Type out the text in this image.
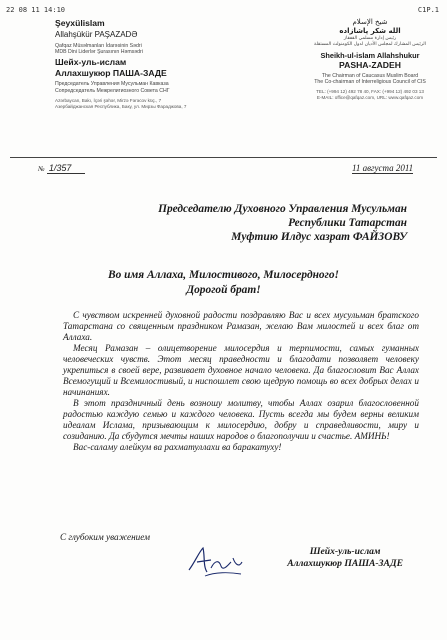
22 08 11 14:10	C1P.1

Şeyxülislam

Allahşükür PAŞAZADƏ

Qafqaz Müsəlmanları İdarəsinin Sədri

MDB Dini Liderlər Şurasının Həmsədri

Шейх-уль-ислам

Аллахшукюр ПАША-ЗАДЕ

Председатель Управления Мусульман Кавказа

Сопредседатель Межрелигиозного Совета СНГ

Azərbaycan, Bakı, İçəri şəhər, Mirzə Fərəcov küç., 7

Азербайджанская Республика, Баку, ул. Мирзы Фараджова, 7

شيخ الإسلام

الله شكر پاشازاده

رئيس إدارة مسلمي القفقاز

الرئيس المشارك لمجلس الأديان لدول الكومنولث المستقلة

Sheikh-ul-islam Allahshukur

PASHA-ZADEH

The Chairman of Caucasus Muslim Board

The Co-chairman of Interreligious Council of CIS

TEL: (+994 12) 492 78 40, FAX: (+994 12) 492 03 13

E-MAIL: office@qafqaz.com, URL: www.qafqaz.com

№ 1/357	11 августа 2011
Председателю Духовного Управления Мусульман
Республики Татарстан
Муфтию Илдус хазрат ФАЙЗОВУ
Во имя Аллаха, Милостивого, Милосердного!
Дорогой брат!

С чувством искренней духовной радости поздравляю Вас и всех мусульман братского Татарстана со священным праздником Рамазан, желаю Вам милостей и всех благ от Аллаха.

Месяц Рамазан – олицетворение милосердия и терпимости, самых гуманных человеческих чувств. Этот месяц праведности и благодати позволяет человеку укрепиться в своей вере, развивает духовное начало человека. Да благословит Вас Аллах Всемогущий и Всемилостивый, и ниспошлет свою щедрую помощь во всех добрых делах и начинаниях.

В этот праздничный день возношу молитву, чтобы Аллах озарил благословенной радостью каждую семью и каждого человека. Пусть всегда мы будем верны великим идеалам Ислама, призывающим к милосердию, добру и справедливости, миру и созиданию. Да сбудутся мечты наших народов о благополучии и счастье. АМИНЬ!

Вас-саламу алейкум ва рахматуллахи ва баракатуху!

С глубоким уважением
Шейх-уль-ислам
Аллахшукюр ПАША-ЗАДЕ
